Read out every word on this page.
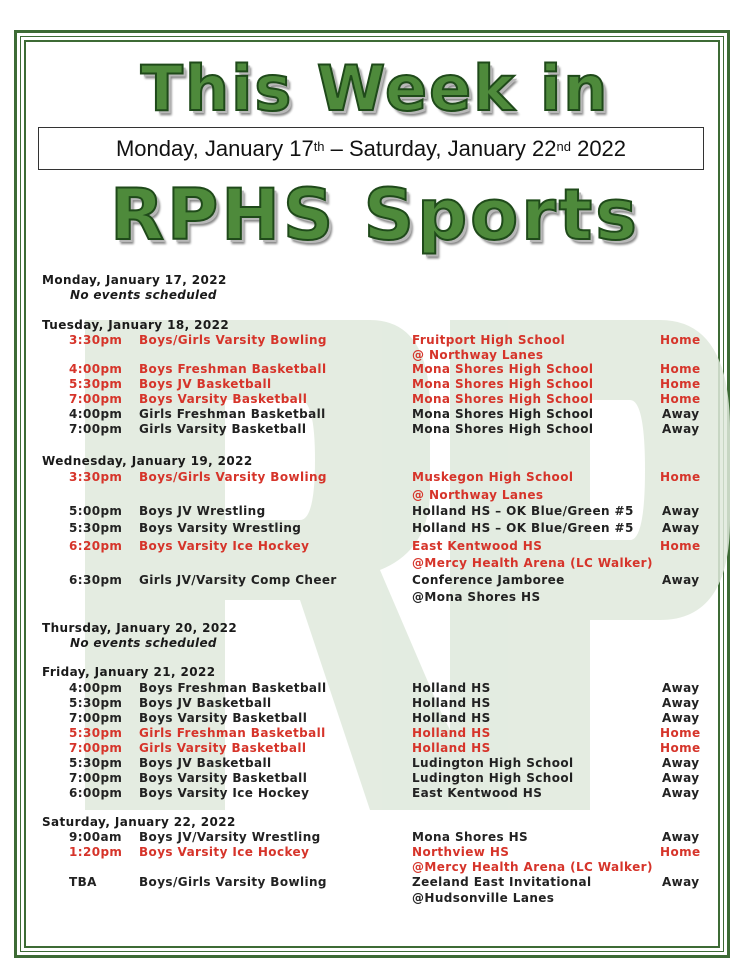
This Week in
Monday, January 17th – Saturday, January 22nd 2022
RPHS Sports
Monday, January 17, 2022
No events scheduled
Tuesday, January 18, 2022
3:30pm Boys/Girls Varsity Bowling	Fruitport High School	Home
@ Northway Lanes
4:00pm Boys Freshman Basketball	Mona Shores High School	Home
5:30pm Boys JV Basketball	Mona Shores High School	Home
7:00pm Boys Varsity Basketball	Mona Shores High School	Home
4:00pm Girls Freshman Basketball	Mona Shores High School	Away
7:00pm Girls Varsity Basketball	Mona Shores High School	Away
Wednesday, January 19, 2022
3:30pm Boys/Girls Varsity Bowling	Muskegon High School	Home
@ Northway Lanes
5:00pm Boys JV Wrestling	Holland HS – OK Blue/Green #5 Away
5:30pm Boys Varsity Wrestling	Holland HS – OK Blue/Green #5 Away
6:20pm Boys Varsity Ice Hockey	East Kentwood HS	Home
@Mercy Health Arena (LC Walker)
6:30pm Girls JV/Varsity Comp Cheer	Conference Jamboree	Away
@Mona Shores HS
Thursday, January 20, 2022
No events scheduled
Friday, January 21, 2022
4:00pm Boys Freshman Basketball	Holland HS	Away
5:30pm Boys JV Basketball	Holland HS	Away
7:00pm Boys Varsity Basketball	Holland HS	Away
5:30pm Girls Freshman Basketball	Holland HS	Home
7:00pm Girls Varsity Basketball	Holland HS	Home
5:30pm Boys JV Basketball	Ludington High School	Away
7:00pm Boys Varsity Basketball	Ludington High School	Away
6:00pm Boys Varsity Ice Hockey	East Kentwood HS	Away
Saturday, January 22, 2022
9:00am Boys JV/Varsity Wrestling	Mona Shores HS	Away
1:20pm Boys Varsity Ice Hockey	Northview HS	Home
@Mercy Health Arena (LC Walker)
TBA	Boys/Girls Varsity Bowling	Zeeland East Invitational	Away
@Hudsonville Lanes
